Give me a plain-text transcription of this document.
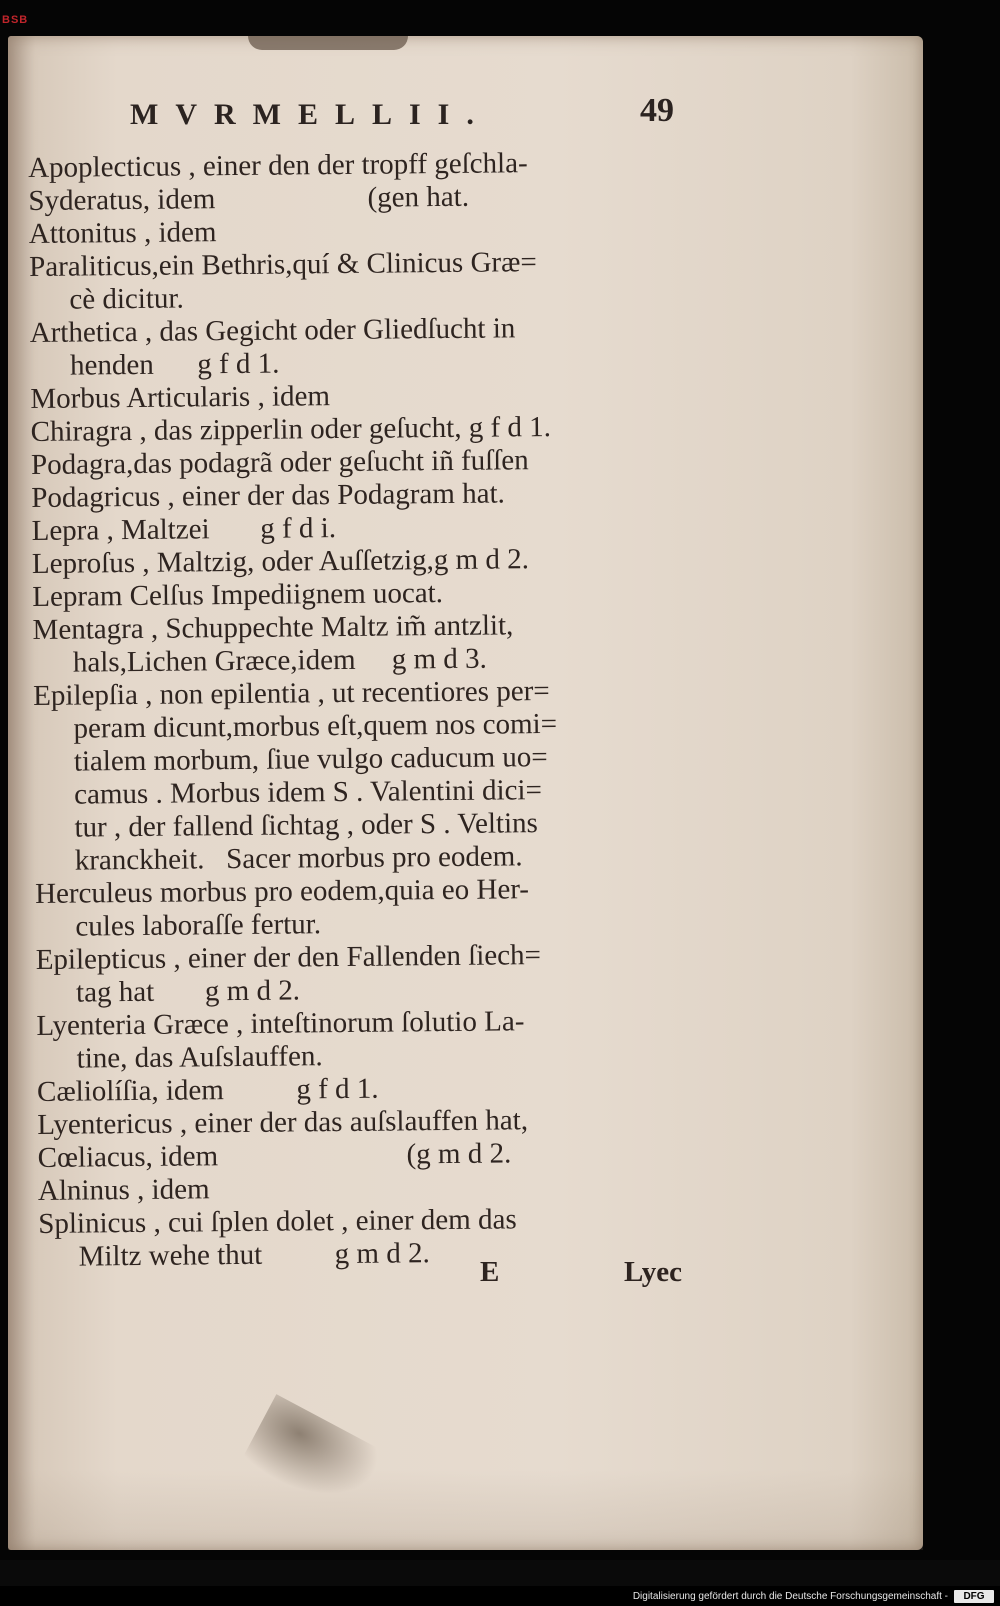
BSB
MVRMELLII.	49
Apoplecticus , einer den der tropff geſchla-
Syderatus, idem                     (gen hat.
Attonitus , idem
Paraliticus,ein Bethris,quí & Clinicus Græ=
cè dicitur.
Arthetica , das Gegicht oder Gliedſucht in
henden      g f d 1.
Morbus Articularis , idem
Chiragra , das zipperlin oder geſucht, g f d 1.
Podagra,das podagrã oder geſucht iñ fuſſen
Podagricus , einer der das Podagram hat.
Lepra , Maltzei       g f d i.
Leproſus , Maltzig, oder Auſſetzig,g m d 2.
Lepram Celſus Impediignem uocat.
Mentagra , Schuppechte Maltz im̃ antzlit,
hals,Lichen Græce,idem     g m d 3.
Epilepſia , non epilentia , ut recentiores per=
peram dicunt,morbus eſt,quem nos comi=
tialem morbum, ſiue vulgo caducum uo=
camus . Morbus idem S . Valentini dici=
tur , der fallend ſichtag , oder S . Veltins
kranckheit.   Sacer morbus pro eodem.
Herculeus morbus pro eodem,quia eo Her-
cules laboraſſe fertur.
Epilepticus , einer der den Fallenden ſiech=
tag hat       g m d 2.
Lyenteria Græce , inteſtinorum ſolutio La-
tine, das Auſslauffen.
Cæliolíſia, idem          g f d 1.
Lyentericus , einer der das auſslauffen hat,
Cœliacus, idem                          (g m d 2.
Alninus , idem
Splinicus , cui ſplen dolet , einer dem das
Miltz wehe thut          g m d 2.	E	Lyec
Digitalisierung gefördert durch die Deutsche Forschungsgemeinschaft -	DFG
